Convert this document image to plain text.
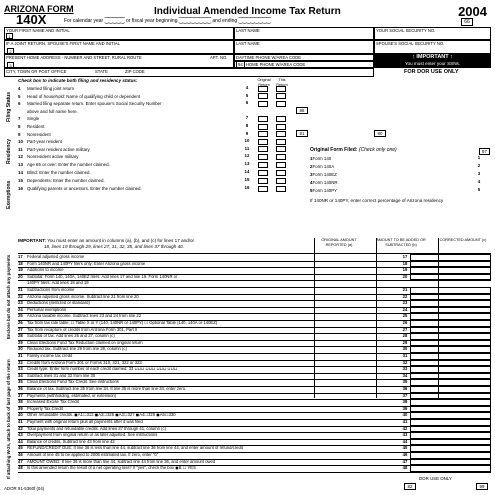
ARIZONA FORM
140X
Individual Amended Income Tax Return	2004
For calendar year ⁐⁐⁐⁐⁐ or fiscal year beginning ⁐⁐⁐⁐⁐⁐⁐⁐ and ending ⁐⁐⁐⁐⁐⁐⁐⁐	66
YOUR FIRST NAME AND INITIAL	LAST NAME	YOUR SOCIAL SECURITY NO.
IF A JOINT RETURN, SPOUSE'S FIRST NAME AND INITIAL
2
LAST NAME	SPOUSE'S SOCIAL SECURITY NO.
1
PRESENT HOME ADDRESS - NUMBER AND STREET, RURAL ROUTE	APT. NO.
3
DAYTIME PHONE W/AREA CODE
94 HOME PHONE W/AREA CODE
↑ IMPORTANT ↑
You must enter your SSNs.
CITY, TOWN OR POST OFFICE	STATE	ZIP CODE	FOR DOR USE ONLY
Check box to indicate both filing and residency status:	Original Return
This Return
Filing Status
Residency
Exemptions
Enclose but do not attach any payments
If attaching W-2s, attach to back of last page of the return
88
81	80
Original Form Filed: (Check only one)	97
If 140NR or 140PY, enter correct percentage of Arizona residency
IMPORTANT: You must enter an amount in columns (a), (b), and (c) for lines 17 and/or
18, lines 19 through 29, lines 27, 31, 32, 35, and lines 37 through 40.
ORIGINAL AMOUNT REPORTED (a)
AMOUNT TO BE ADDED OR SUBTRACTED (b)
CORRECTED AMOUNT (c)
ADOR 91-5360f (04)
DOR USE ONLY
82	99
4 Married filing joint return	4
5 Head of household: Name of qualifying child or dependent	5
6 Married filing separate return. Enter spouse's Social Security Number	6
above and full name here.
7 Single	7
8 Resident	8
9 Nonresident	9
10 Part-year resident	10
11 Part-year resident active military	11
12 Nonresident active military	12
13 Age 65 or over: Enter the number claimed.	13
14 Blind: Enter the number claimed.	14
15 Dependents: Enter the number claimed.	15
16 Qualifying parents or ancestors. Enter the number claimed.	16
1Form 140	1
2Form 140A	2
3Form 140EZ	3
4Form 140NR	4
5Form 140PY	5
17 Federal adjusted gross income	17
18 Form 140NR and 140PY filers only: Enter Arizona gross income	18
19 Additions to income	19
20 Subtotal: Form 140, 140A, 140EZ filers: Add lines 17 and line 19. Form 140NR or	20
140PY filers: Add lines 18 and 19
21 Subtractions from income	21
22 Arizona adjusted gross income. Subtract line 21 from line 20	22
23 Deductions (itemized or standard)	23
24 Personal exemptions	24
25 Arizona taxable income. Subtract lines 23 and 24 from line 22	25
26 Tax from tax rate table: ☐ Table X or Y (140, 140NR or 140PY) ☐ Optional Table (140, 140A or 140EZ)	26
27 Tax from recapture of credits from Arizona Form 301, Part II	27
28 Subtotal of tax. Add lines 26 and 27, column (c)	28
29 Clean Elections Fund Tax Reduction claimed on original return	29
30 Reduced tax. Subtract line 29 from line 28, column (c)	30
31 Family income tax credit	31
32 Credits from Arizona Form 301 or Forms 310, 321, 322 or 323	32
33 Credit type: Enter form number of each credit claimed: 33 ⊔⊔⊔ ⊔⊔⊔ ⊔⊔⊔ ⊔⊔⊔	33
34 Subtract lines 31 and 32 from line 30	34
35 Clean Elections Fund Tax Credit. See instructions	35
36 Balance of tax. Subtract line 35 from line 34. If line 35 is more than line 34, enter zero.	36
37 Payments (withholding, estimated, or extension)	37
38 Increased Excise Tax Credit	38
39 Property Tax Credit	39
40 Other refundable credits. ◼A1☐313 ◼A2☐326 ◼A3☐327 ◼A4☐329 ◼A5☐330	40
41 Payment with original return plus all payments after it was filed	41
42 Total payments and refundable credits. Add lines 37 through 41, column (c)	42
43 Overpayment from original return or as later adjusted. See instructions	43
44 Balance of credits. Subtract line 43 from line 42	44
45 REFUND/CREDIT DUE: If line 36 is less than line 44, subtract line 36 from line 44, and enter amount of refund/credit	45
46 Amount of line 45 to be applied to 2005 estimated tax. If zero, enter "0"	46
47 AMOUNT OWED: If line 36 is more than line 44, subtract line 44 from line 36, and enter amount owed	47
48 Is this amended return the result of a net operating loss? If "yes", check the box ◼B ☐ YES	48
